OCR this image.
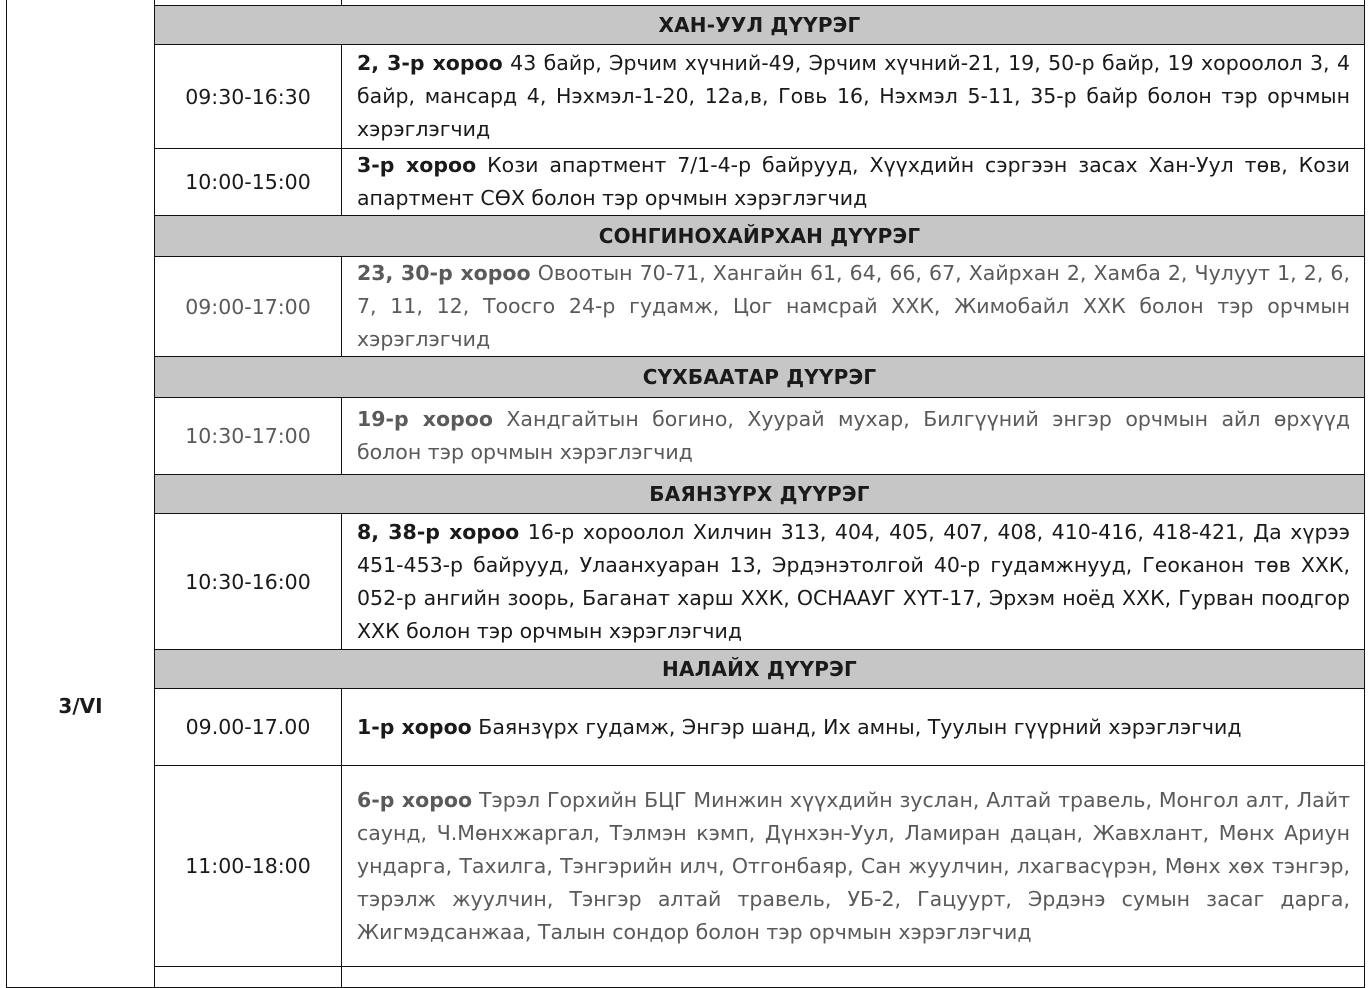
3/VI		
	ХАН-УУЛ ДҮҮРЭГ	
	09:30-16:30	2, 3-р хороо 43 байр, Эрчим хүчний-49, Эрчим хүчний-21, 19, 50-р байр, 19 хороолол 3, 4 байр, мансард 4, Нэхмэл-1-20, 12а,в, Говь 16, Нэхмэл 5-11, 35-р байр болон тэр орчмын хэрэглэгчид
	10:00-15:00	3-р хороо Кози апартмент 7/1-4-р байрууд, Хүүхдийн сэргээн засах Хан-Уул төв, Кози апартмент СӨХ болон тэр орчмын хэрэглэгчид
	СОНГИНОХАЙРХАН ДҮҮРЭГ	
	09:00-17:00	23, 30-р хороо Овоотын 70-71, Хангайн 61, 64, 66, 67, Хайрхан 2, Хамба 2, Чулуут 1, 2, 6, 7, 11, 12, Тоосго 24-р гудамж, Цог намсрай ХХК, Жимобайл ХХК болон тэр орчмын хэрэглэгчид
	СҮХБААТАР ДҮҮРЭГ	
	10:30-17:00	19-р хороо Хандгайтын богино, Хуурай мухар, Билгүүний энгэр орчмын айл өрхүүд болон тэр орчмын хэрэглэгчид
	БАЯНЗҮРХ ДҮҮРЭГ	
	10:30-16:00	8, 38-р хороо 16-р хороолол Хилчин 313, 404, 405, 407, 408, 410-416, 418-421, Да хүрээ 451-453-р байрууд, Улаанхуаран 13, Эрдэнэтолгой 40-р гудамжнууд, Геоканон төв ХХК, 052-р ангийн зоорь, Баганат харш ХХК, ОСНААУГ ХҮТ-17, Эрхэм ноёд ХХК, Гурван поодгор ХХК болон тэр орчмын хэрэглэгчид
	НАЛАЙХ ДҮҮРЭГ	
	09.00-17.00	1-р хороо Баянзүрх гудамж, Энгэр шанд, Их амны, Туулын гүүрний хэрэглэгчид
	11:00-18:00	6-р хороо Тэрэл Горхийн БЦГ Минжин хүүхдийн зуслан, Алтай травель, Монгол алт, Лайт саунд, Ч.Мөнхжаргал, Тэлмэн кэмп, Дүнхэн-Уул, Ламиран дацан, Жавхлант, Мөнх Ариун ундарга, Тахилга, Тэнгэрийн илч, Отгонбаяр, Сан жуулчин, лхагвасүрэн, Мөнх хөх тэнгэр, тэрэлж жуулчин, Тэнгэр алтай травель, УБ-2, Гацуурт, Эрдэнэ сумын засаг дарга, Жигмэдсанжаа, Талын сондор болон тэр орчмын хэрэглэгчид
